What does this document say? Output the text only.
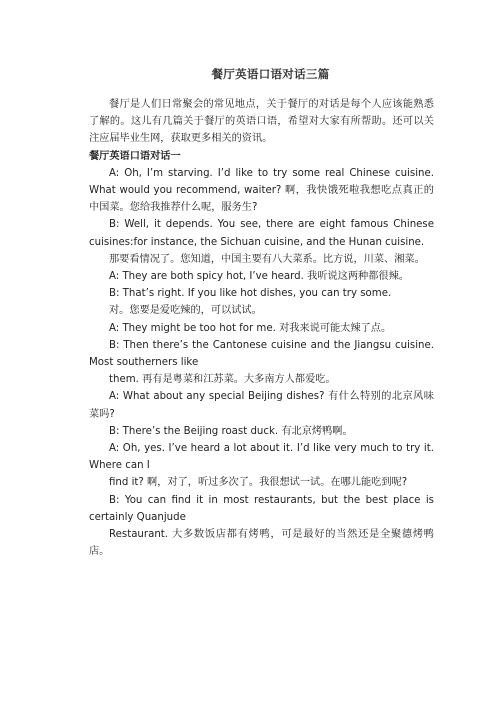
餐厅英语口语对话三篇

餐厅是人们日常聚会的常见地点，关于餐厅的对话是每个人应该能熟悉了解的。这儿有几篇关于餐厅的英语口语，希望对大家有所帮助。还可以关注应届毕业生网，获取更多相关的资讯。

餐厅英语口语对话一

A: Oh, I’m starving. I’d like to try some real Chinese cuisine. What would you recommend, waiter? 啊，我快饿死啦我想吃点真正的中国菜。您给我推荐什么呢，服务生?

B: Well, it depends. You see, there are eight famous Chinese cuisines:for instance, the Sichuan cuisine, and the Hunan cuisine.

那要看情况了。您知道，中国主要有八大菜系。比方说，川菜、湘菜。

A: They are both spicy hot, I’ve heard. 我听说这两种都很辣。

B: That’s right. If you like hot dishes, you can try some.

对。您要是爱吃辣的，可以试试。

A: They might be too hot for me. 对我来说可能太辣了点。

B: Then there’s the Cantonese cuisine and the Jiangsu cuisine. Most southerners like

them. 再有是粤菜和江苏菜。大多南方人都爱吃。

A: What about any special Beijing dishes? 有什么特别的北京风味菜吗?

B: There’s the Beijing roast duck. 有北京烤鸭啊。

A: Oh, yes. I’ve heard a lot about it. I’d like very much to try it. Where can I

find it? 啊，对了，听过多次了。我很想试一试。在哪儿能吃到呢?

B: You can find it in most restaurants, but the best place is certainly Quanjude

Restaurant. 大多数饭店都有烤鸭，可是最好的当然还是全聚德烤鸭店。
